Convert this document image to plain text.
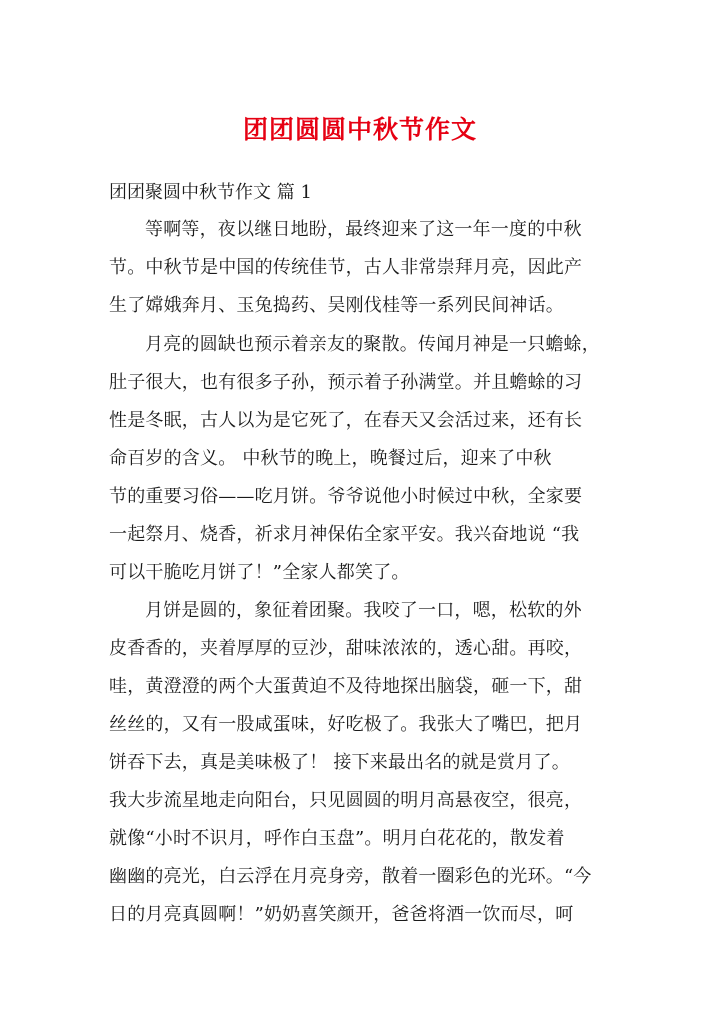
团团圆圆中秋节作文
团团聚圆中秋节作文 篇 1
等啊等，夜以继日地盼，最终迎来了这一年一度的中秋
节。中秋节是中国的传统佳节，古人非常崇拜月亮，因此产
生了嫦娥奔月、玉兔捣药、吴刚伐桂等一系列民间神话。
月亮的圆缺也预示着亲友的聚散。传闻月神是一只蟾蜍，
肚子很大，也有很多子孙，预示着子孙满堂。并且蟾蜍的习
性是冬眠，古人以为是它死了，在春天又会活过来，还有长
命百岁的含义。 中秋节的晚上，晚餐过后，迎来了中秋
节的重要习俗——吃月饼。爷爷说他小时候过中秋，全家要
一起祭月、烧香，祈求月神保佑全家平安。我兴奋地说 “我
可以干脆吃月饼了！”全家人都笑了。
月饼是圆的，象征着团聚。我咬了一口，嗯，松软的外
皮香香的，夹着厚厚的豆沙，甜味浓浓的，透心甜。再咬，
哇，黄澄澄的两个大蛋黄迫不及待地探出脑袋，砸一下，甜
丝丝的，又有一股咸蛋味，好吃极了。我张大了嘴巴，把月
饼吞下去，真是美味极了！ 接下来最出名的就是赏月了。
我大步流星地走向阳台，只见圆圆的明月高悬夜空，很亮，
就像“小时不识月，呼作白玉盘”。明月白花花的，散发着
幽幽的亮光，白云浮在月亮身旁，散着一圈彩色的光环。“今
日的月亮真圆啊！”奶奶喜笑颜开，爸爸将酒一饮而尽，呵
